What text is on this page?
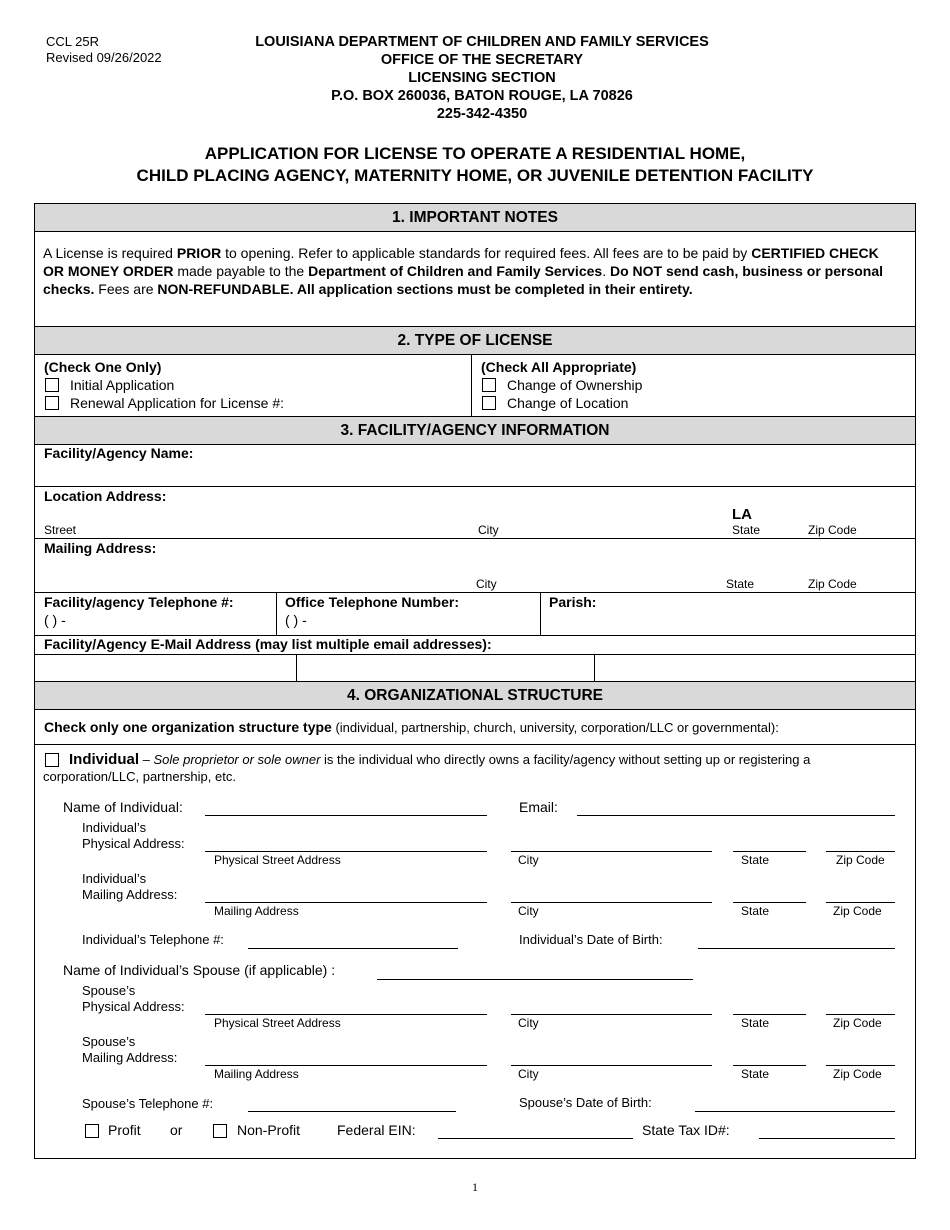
CCL 25R
Revised 09/26/2022
LOUISIANA DEPARTMENT OF CHILDREN AND FAMILY SERVICES
OFFICE OF THE SECRETARY
LICENSING SECTION
P.O. BOX 260036, BATON ROUGE, LA 70826
225-342-4350
APPLICATION FOR LICENSE TO OPERATE A RESIDENTIAL HOME,
CHILD PLACING AGENCY, MATERNITY HOME, OR JUVENILE DETENTION FACILITY
1. IMPORTANT NOTES
A License is required PRIOR to opening. Refer to applicable standards for required fees. All fees are to be paid by CERTIFIED CHECK OR MONEY ORDER made payable to the Department of Children and Family Services. Do NOT send cash, business or personal checks. Fees are NON-REFUNDABLE. All application sections must be completed in their entirety.
2. TYPE OF LICENSE
(Check One Only)
Initial Application
Renewal Application for License #:
(Check All Appropriate)
Change of Ownership
Change of Location
3. FACILITY/AGENCY INFORMATION
Facility/Agency Name:
Location Address:
Street	City
LA
State	Zip Code
Mailing Address:
City	State	Zip Code
Facility/agency Telephone #:
( ) -
Office Telephone Number:
( ) -
Parish:
Facility/Agency E-Mail Address (may list multiple email addresses):
4. ORGANIZATIONAL STRUCTURE
Check only one organization structure type (individual, partnership, church, university, corporation/LLC or governmental):
Individual – Sole proprietor or sole owner is the individual who directly owns a facility/agency without setting up or registering a corporation/LLC, partnership, etc.
Name of Individual:	Email:
Individual’s
Physical Address:
Physical Street Address	City	State	Zip Code
Individual’s
Mailing Address:
Mailing Address	City	State	Zip Code
Individual’s Telephone #:	Individual’s Date of Birth:
Name of Individual’s Spouse (if applicable) :
Spouse’s
Physical Address:
Physical Street Address	City	State	Zip Code
Spouse’s
Mailing Address:
Mailing Address	City	State	Zip Code
Spouse’s Telephone #:	Spouse’s Date of Birth:
Profit or	Non-Profit	Federal EIN:	State Tax ID#:
1
